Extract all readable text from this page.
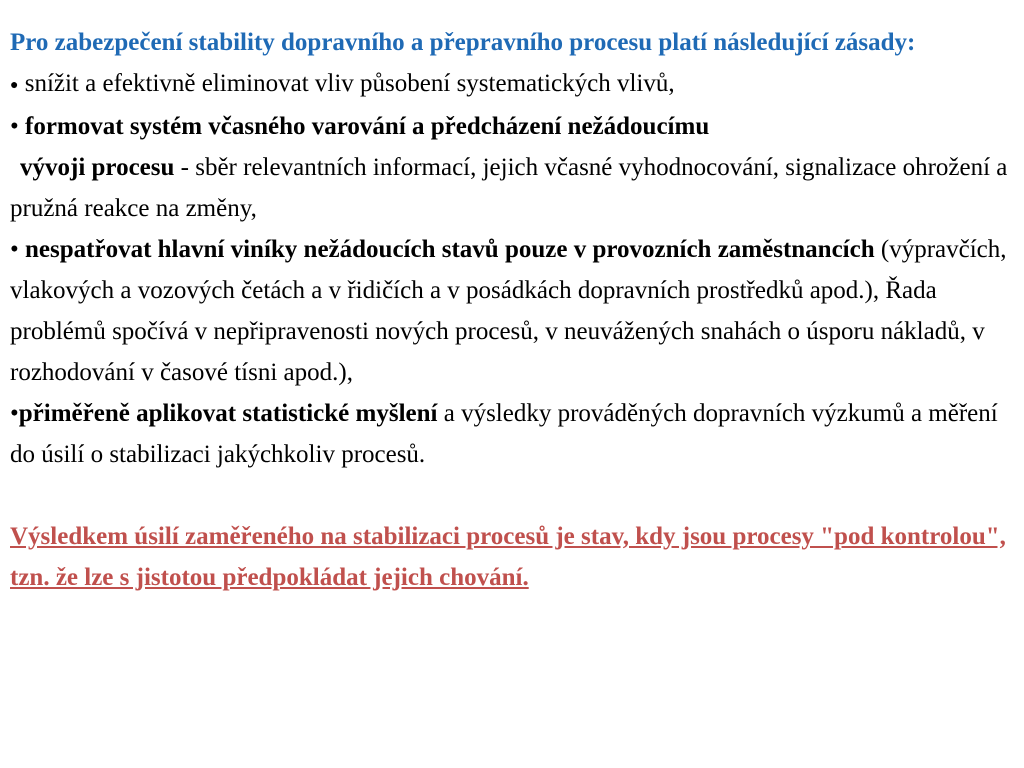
Pro zabezpečení stability dopravního a přepravního procesu platí následující zásady:

● snížit a efektivně eliminovat vliv působení systematických vlivů,

• formovat systém včasného varování a předcházení nežádoucímu
vývoji procesu - sběr relevantních informací, jejich včasné vyhodnocování, signalizace ohrožení a pružná reakce na změny,

• nespatřovat hlavní viníky nežádoucích stavů pouze v provozních zaměstnancích (výpravčích, vlakových a vozových četách a v řidičích a v posádkách dopravních prostředků apod.), Řada problémů spočívá v nepřipravenosti nových procesů, v neuvážených snahách o úsporu nákladů, v rozhodování v časové tísni apod.),

•přiměřeně aplikovat statistické myšlení a výsledky prováděných dopravních výzkumů a měření do úsilí o stabilizaci jakýchkoliv procesů.

Výsledkem úsilí zaměřeného na stabilizaci procesů je stav, kdy jsou procesy "pod kontrolou", tzn. že lze s jistotou předpokládat jejich chování.
